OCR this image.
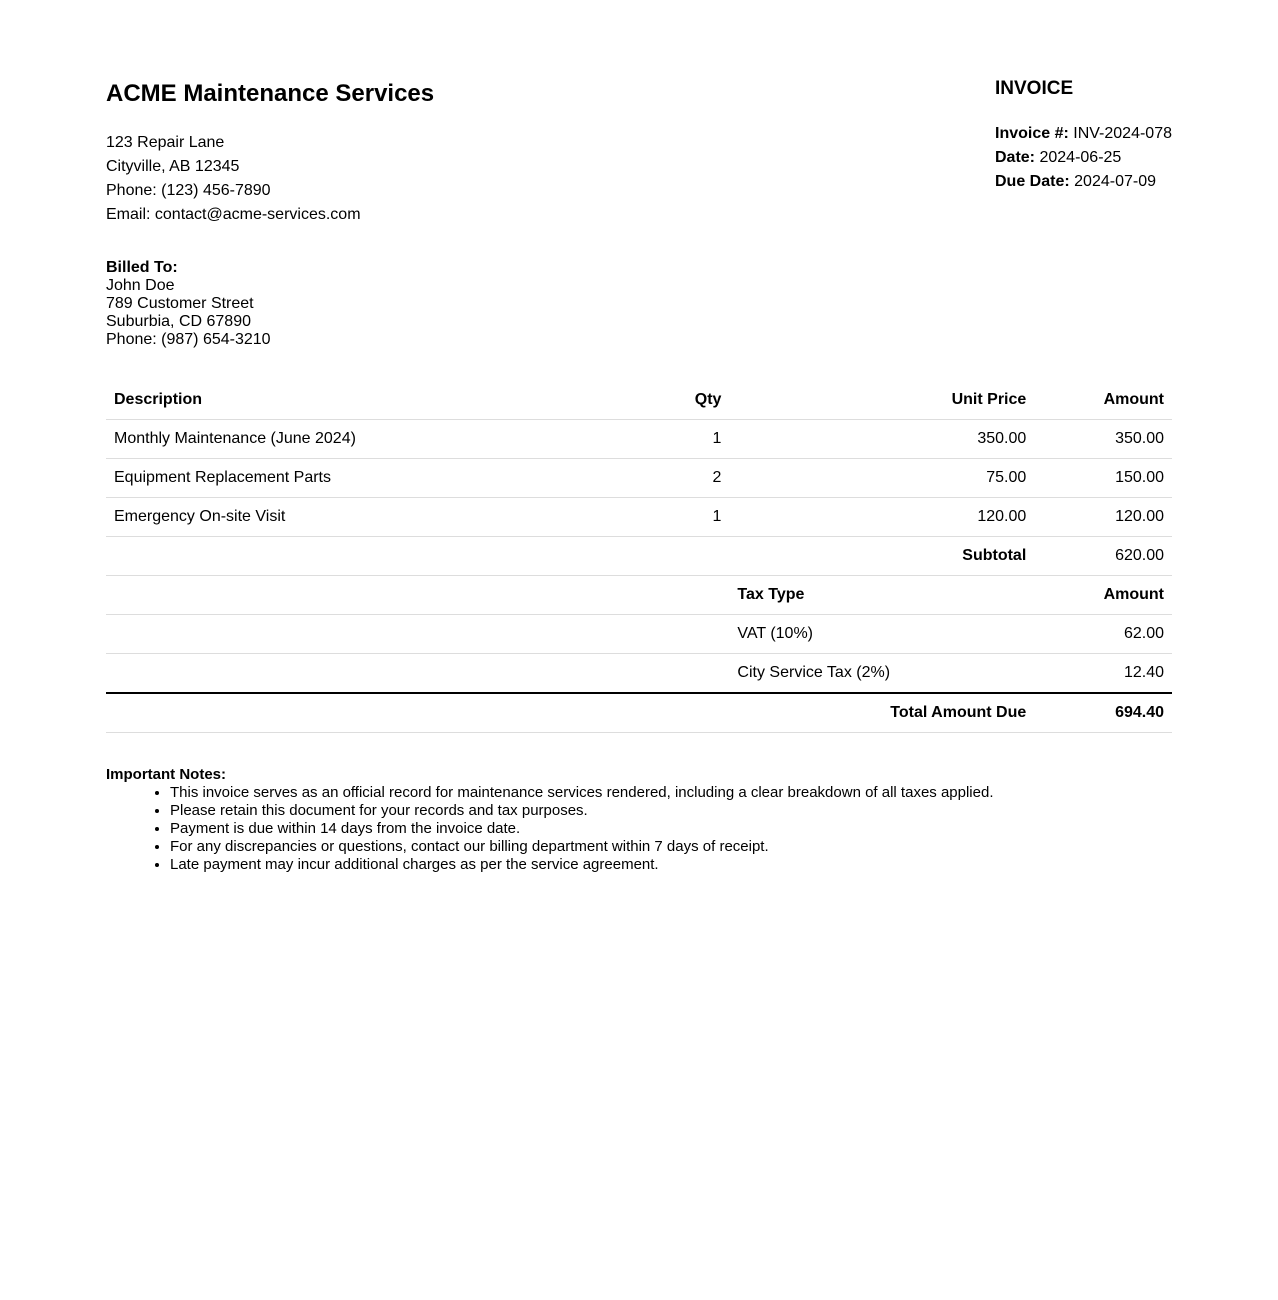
ACME Maintenance Services
123 Repair Lane
Cityville, AB 12345
Phone: (123) 456-7890
Email: contact@acme-services.com
INVOICE
Invoice #: INV-2024-078
Date: 2024-06-25
Due Date: 2024-07-09
Billed To:
John Doe
789 Customer Street
Suburbia, CD 67890
Phone: (987) 654-3210
Description	Qty	Unit Price	Amount
Monthly Maintenance (June 2024)	1	350.00	350.00
Equipment Replacement Parts	2	75.00	150.00
Emergency On-site Visit	1	120.00	120.00
Subtotal			620.00
		Tax Type	Amount
		VAT (10%)	62.00
		City Service Tax (2%)	12.40
Total Amount Due			694.40
Important Notes:
• This invoice serves as an official record for maintenance services rendered, including a clear breakdown of all taxes applied.
• Please retain this document for your records and tax purposes.
• Payment is due within 14 days from the invoice date.
• For any discrepancies or questions, contact our billing department within 7 days of receipt.
• Late payment may incur additional charges as per the service agreement.
